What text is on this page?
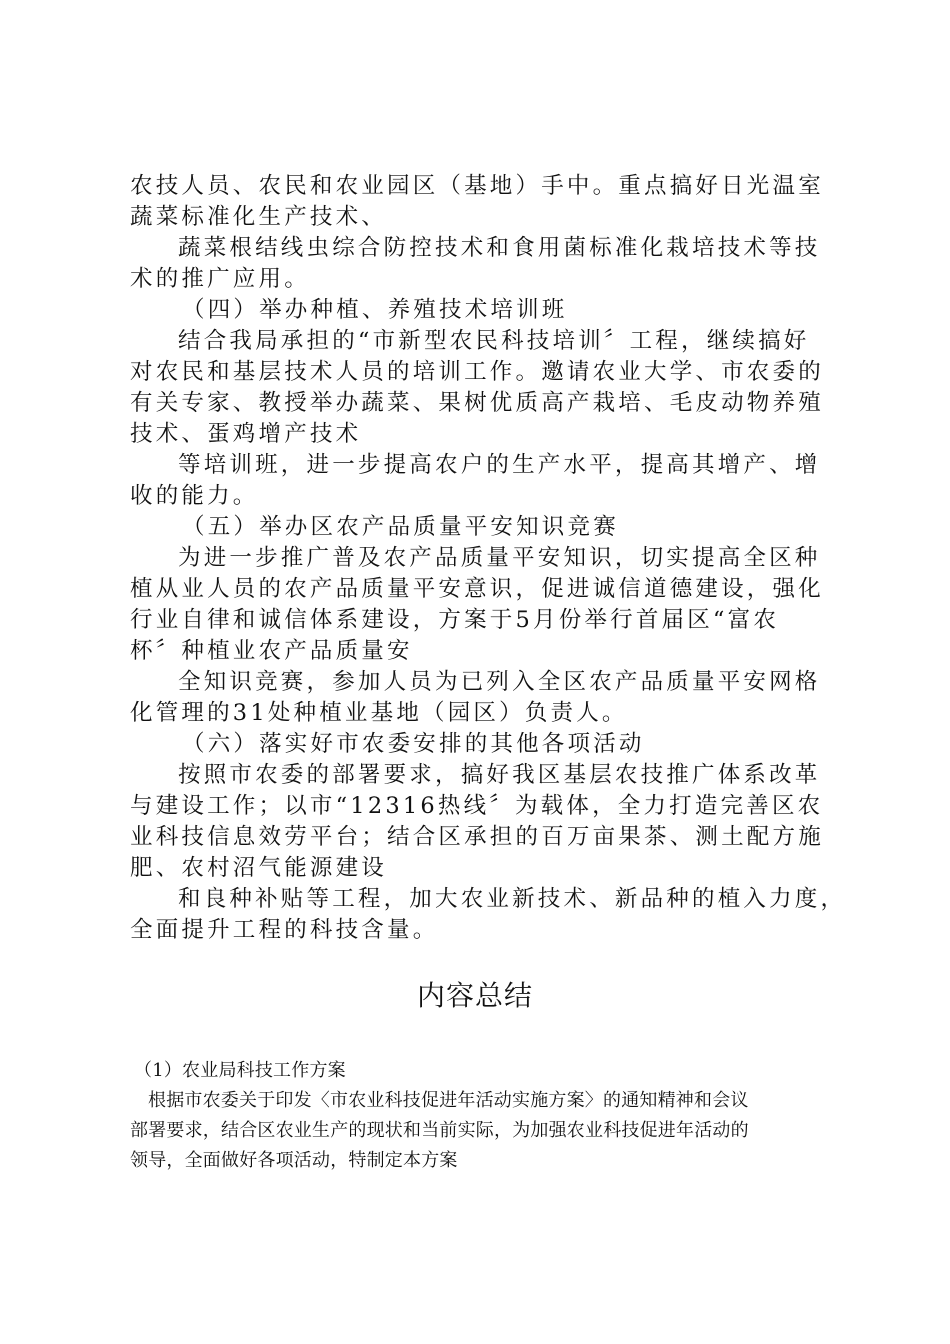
农技人员、农民和农业园区（基地）手中。重点搞好日光温室
蔬菜标准化生产技术、
蔬菜根结线虫综合防控技术和食用菌标准化栽培技术等技
术的推广应用。
（四）举办种植、养殖技术培训班
结合我局承担的“市新型农民科技培训〞工程，继续搞好
对农民和基层技术人员的培训工作。邀请农业大学、市农委的
有关专家、教授举办蔬菜、果树优质高产栽培、毛皮动物养殖
技术、蛋鸡增产技术
等培训班，进一步提高农户的生产水平，提高其增产、增
收的能力。
（五）举办区农产品质量平安知识竞赛
为进一步推广普及农产品质量平安知识，切实提高全区种
植从业人员的农产品质量平安意识，促进诚信道德建设，强化
行业自律和诚信体系建设，方案于5月份举行首届区“富农
杯〞种植业农产品质量安
全知识竞赛，参加人员为已列入全区农产品质量平安网格
化管理的31处种植业基地（园区）负责人。
（六）落实好市农委安排的其他各项活动
按照市农委的部署要求，搞好我区基层农技推广体系改革
与建设工作；以市“12316热线〞为载体，全力打造完善区农
业科技信息效劳平台；结合区承担的百万亩果茶、测土配方施
肥、农村沼气能源建设
和良种补贴等工程，加大农业新技术、新品种的植入力度，
全面提升工程的科技含量。
内容总结
（1）农业局科技工作方案
根据市农委关于印发〈市农业科技促进年活动实施方案〉的通知精神和会议
部署要求，结合区农业生产的现状和当前实际，为加强农业科技促进年活动的
领导，全面做好各项活动，特制定本方案
